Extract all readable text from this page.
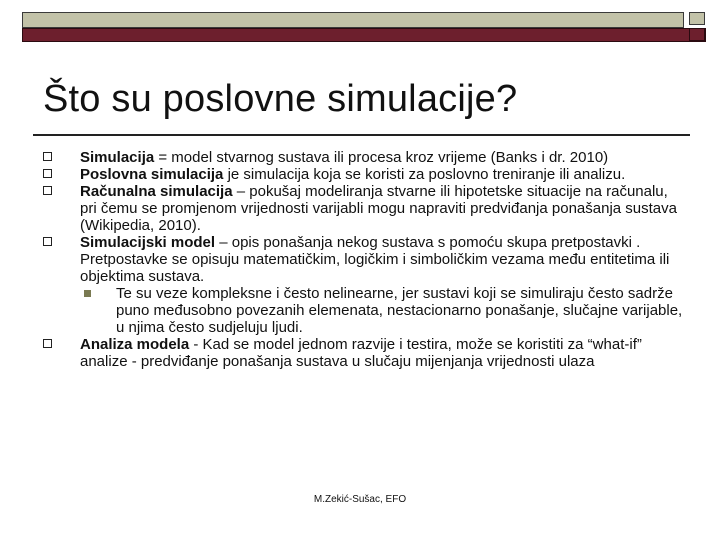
Što su poslovne simulacije?
Simulacija = model stvarnog sustava ili procesa kroz vrijeme (Banks i dr. 2010)
Poslovna simulacija je simulacija koja se koristi za poslovno treniranje ili analizu.
Računalna simulacija – pokušaj modeliranja stvarne ili hipotetske situacije na računalu, pri čemu se promjenom vrijednosti varijabli mogu napraviti predviđanja ponašanja sustava (Wikipedia, 2010).
Simulacijski model – opis ponašanja nekog sustava s pomoću skupa pretpostavki . Pretpostavke se opisuju matematičkim, logičkim i simboličkim vezama među entitetima ili objektima sustava.
Te su veze kompleksne i često nelinearne, jer sustavi koji se simuliraju često sadrže puno međusobno povezanih elemenata, nestacionarno ponašanje, slučajne varijable, u njima često sudjeluju ljudi.
Analiza modela - Kad se model jednom razvije i testira, može se koristiti za “what-if” analize - predviđanje ponašanja sustava u slučaju mijenjanja vrijednosti ulaza
M.Zekić-Sušac, EFO
